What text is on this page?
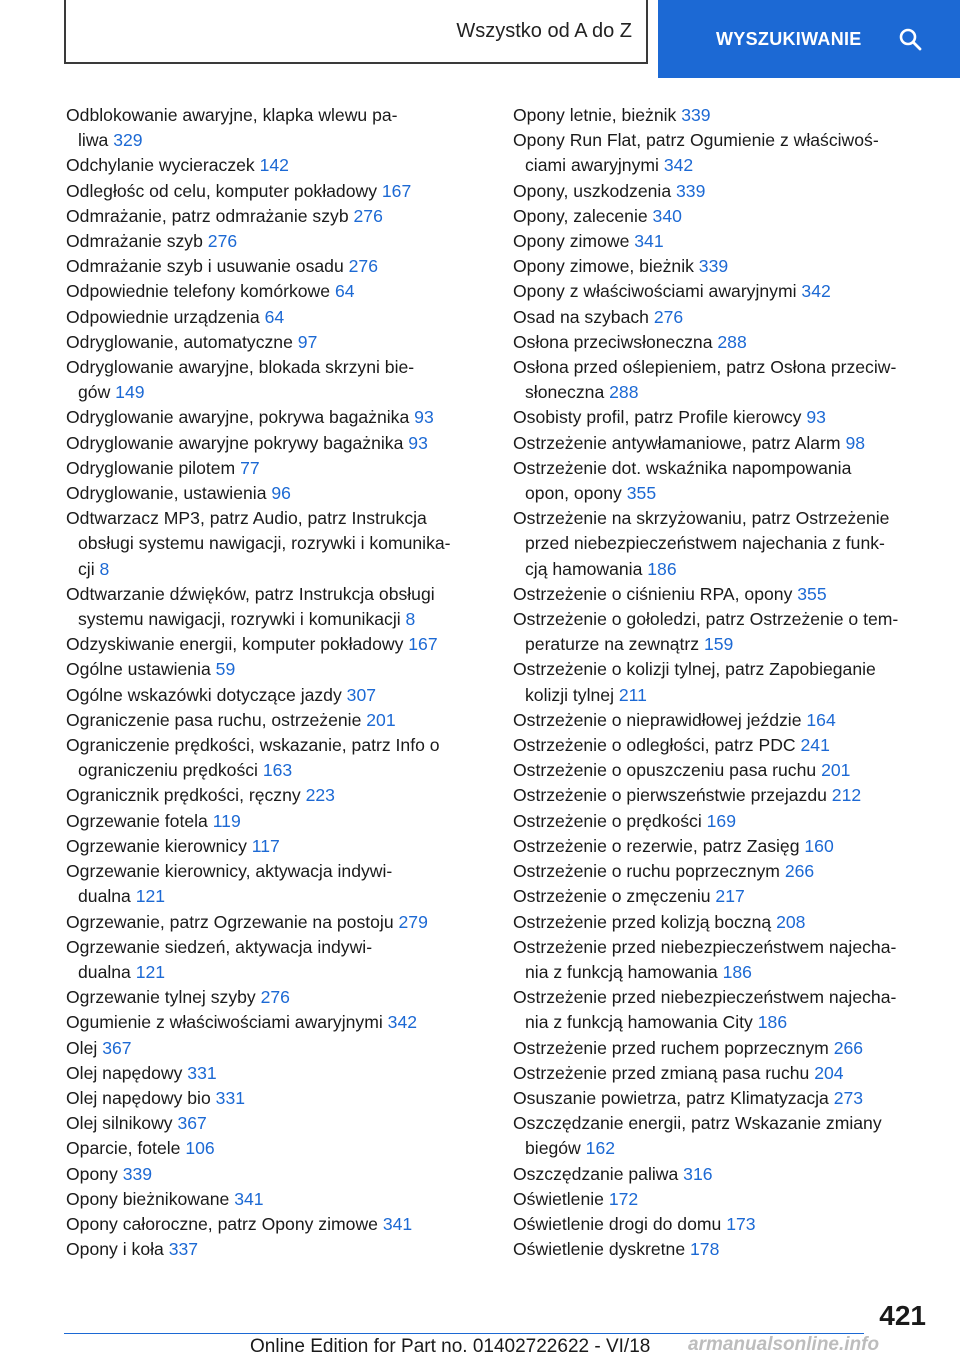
Wszystko od A do Z	WYSZUKIWANIE
Odblokowanie awaryjne, klapka wlewu pa-
liwa 329
Odchylanie wycieraczek 142
Odległośc od celu, komputer pokładowy 167
Odmrażanie, patrz odmrażanie szyb 276
Odmrażanie szyb 276
Odmrażanie szyb i usuwanie osadu 276
Odpowiednie telefony komórkowe 64
Odpowiednie urządzenia 64
Odryglowanie, automatyczne 97
Odryglowanie awaryjne, blokada skrzyni bie-
gów 149
Odryglowanie awaryjne, pokrywa bagażnika 93
Odryglowanie awaryjne pokrywy bagażnika 93
Odryglowanie pilotem 77
Odryglowanie, ustawienia 96
Odtwarzacz MP3, patrz Audio, patrz Instrukcja
obsługi systemu nawigacji, rozrywki i komunika-
cji 8
Odtwarzanie dźwięków, patrz Instrukcja obsługi
systemu nawigacji, rozrywki i komunikacji 8
Odzyskiwanie energii, komputer pokładowy 167
Ogólne ustawienia 59
Ogólne wskazówki dotyczące jazdy 307
Ograniczenie pasa ruchu, ostrzeżenie 201
Ograniczenie prędkości, wskazanie, patrz Info o
ograniczeniu prędkości 163
Ogranicznik prędkości, ręczny 223
Ogrzewanie fotela 119
Ogrzewanie kierownicy 117
Ogrzewanie kierownicy, aktywacja indywi-
dualna 121
Ogrzewanie, patrz Ogrzewanie na postoju 279
Ogrzewanie siedzeń, aktywacja indywi-
dualna 121
Ogrzewanie tylnej szyby 276
Ogumienie z właściwościami awaryjnymi 342
Olej 367
Olej napędowy 331
Olej napędowy bio 331
Olej silnikowy 367
Oparcie, fotele 106
Opony 339
Opony bieżnikowane 341
Opony całoroczne, patrz Opony zimowe 341
Opony i koła 337
Opony letnie, bieżnik 339
Opony Run Flat, patrz Ogumienie z właściwoś-
ciami awaryjnymi 342
Opony, uszkodzenia 339
Opony, zalecenie 340
Opony zimowe 341
Opony zimowe, bieżnik 339
Opony z właściwościami awaryjnymi 342
Osad na szybach 276
Osłona przeciwsłoneczna 288
Osłona przed oślepieniem, patrz Osłona przeciw-
słoneczna 288
Osobisty profil, patrz Profile kierowcy 93
Ostrzeżenie antywłamaniowe, patrz Alarm 98
Ostrzeżenie dot. wskaźnika napompowania
opon, opony 355
Ostrzeżenie na skrzyżowaniu, patrz Ostrzeżenie
przed niebezpieczeństwem najechania z funk-
cją hamowania 186
Ostrzeżenie o ciśnieniu RPA, opony 355
Ostrzeżenie o gołoledzi, patrz Ostrzeżenie o tem-
peraturze na zewnątrz 159
Ostrzeżenie o kolizji tylnej, patrz Zapobieganie
kolizji tylnej 211
Ostrzeżenie o nieprawidłowej jeździe 164
Ostrzeżenie o odległości, patrz PDC 241
Ostrzeżenie o opuszczeniu pasa ruchu 201
Ostrzeżenie o pierwszeństwie przejazdu 212
Ostrzeżenie o prędkości 169
Ostrzeżenie o rezerwie, patrz Zasięg 160
Ostrzeżenie o ruchu poprzecznym 266
Ostrzeżenie o zmęczeniu 217
Ostrzeżenie przed kolizją boczną 208
Ostrzeżenie przed niebezpieczeństwem najecha-
nia z funkcją hamowania 186
Ostrzeżenie przed niebezpieczeństwem najecha-
nia z funkcją hamowania City 186
Ostrzeżenie przed ruchem poprzecznym 266
Ostrzeżenie przed zmianą pasa ruchu 204
Osuszanie powietrza, patrz Klimatyzacja 273
Oszczędzanie energii, patrz Wskazanie zmiany
biegów 162
Oszczędzanie paliwa 316
Oświetlenie 172
Oświetlenie drogi do domu 173
Oświetlenie dyskretne 178
421
Online Edition for Part no. 01402722622 - VI/18 armanualsonline.info
